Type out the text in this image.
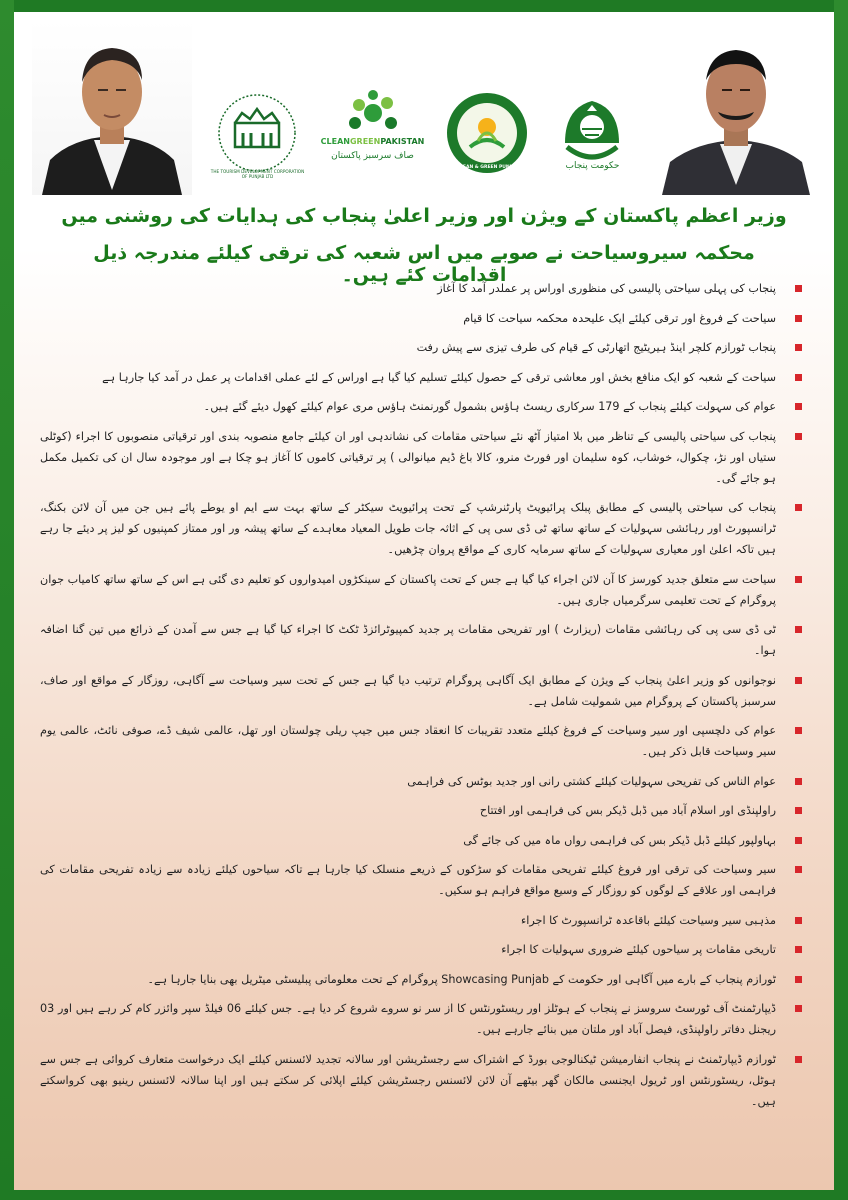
THE TOURISM DEVELOPMENT CORPORATION OF PUNJAB LTD
CLEANGREENPAKISTAN
صاف سرسبز پاکستان
CLEAN & GREEN PUNJAB	حکومت پنجاب
وزیر اعظم پاکستان کے ویژن اور وزیر اعلیٰ پنجاب کی ہدایات کی روشنی میں
محکمہ سیروسیاحت نے صوبے میں اس شعبہ کی ترقی کیلئے مندرجہ ذیل اقدامات کئے ہیں۔
پنجاب کی پہلی سیاحتی پالیسی کی منظوری اوراس پر عملدر آمد کا آغاز
سیاحت کے فروغ اور ترقی کیلئے ایک علیحدہ محکمہ سیاحت کا قیام
پنجاب ٹورازم کلچر اینڈ ہیریٹیج اتھارٹی کے قیام کی طرف تیزی سے پیش رفت
سیاحت کے شعبہ کو ایک منافع بخش اور معاشی ترقی کے حصول کیلئے تسلیم کیا گیا ہے اوراس کے لئے عملی اقدامات پر عمل در آمد کیا جارہا ہے
عوام کی سہولت کیلئے پنجاب کے 179 سرکاری ریسٹ ہاؤس بشمول گورنمنٹ ہاؤس مری عوام کیلئے کھول دیئے گئے ہیں۔
پنجاب کی سیاحتی پالیسی کے تناظر میں بلا امتیاز آٹھ نئے سیاحتی مقامات کی نشاندہی اور ان کیلئے جامع منصوبہ بندی اور ترقیاتی منصوبوں کا اجراء (کوٹلی ستیاں اور نڑ، چکوال، خوشاب، کوہ سلیمان اور فورٹ منرو، کالا باغ ڈیم میانوالی ) پر ترقیاتی کاموں کا آغاز ہو چکا ہے اور موجودہ سال ان کی تکمیل مکمل ہو جائے گی۔
پنجاب کی سیاحتی پالیسی کے مطابق پبلک پرائیویٹ پارٹنرشپ کے تحت پرائیویٹ سیکٹر کے ساتھ بہت سے ایم او یوطے پائے ہیں جن میں آن لائن بکنگ، ٹرانسپورٹ اور رہائشی سہولیات کے ساتھ ساتھ ٹی ڈی سی پی کے اثاثہ جات طویل المعیاد معاہدے کے ساتھ پیشہ ور اور ممتاز کمپنیوں کو لیز پر دیئے جا رہے ہیں تاکہ اعلیٰ اور معیاری سہولیات کے ساتھ سرمایہ کاری کے مواقع پروان چڑھیں۔
سیاحت سے متعلق جدید کورسز کا آن لائن اجراء کیا گیا ہے جس کے تحت پاکستان کے سینکڑوں امیدواروں کو تعلیم دی گئی ہے اس کے ساتھ ساتھ کامیاب جوان پروگرام کے تحت تعلیمی سرگرمیاں جاری ہیں۔
ٹی ڈی سی پی کی رہائشی مقامات (ریزارٹ ) اور تفریحی مقامات پر جدید کمپیوٹرائزڈ ٹکٹ کا اجراء کیا گیا ہے جس سے آمدن کے ذرائع میں تین گنا اضافہ ہوا۔
نوجوانوں کو وزیر اعلیٰ پنجاب کے ویژن کے مطابق ایک آگاہی پروگرام ترتیب دیا گیا ہے جس کے تحت سیر وسیاحت سے آگاہی، روزگار کے مواقع اور صاف، سرسبز پاکستان کے پروگرام میں شمولیت شامل ہے۔
عوام کی دلچسپی اور سیر وسیاحت کے فروغ کیلئے متعدد تقریبات کا انعقاد جس میں جیپ ریلی چولستان اور تھل، عالمی شیف ڈے، صوفی نائٹ، عالمی یوم سیر وسیاحت قابل ذکر ہیں۔
عوام الناس کی تفریحی سہولیات کیلئے کشتی رانی اور جدید بوٹس کی فراہمی
راولپنڈی اور اسلام آباد میں ڈبل ڈیکر بس کی فراہمی اور افتتاح
بہاولپور کیلئے ڈبل ڈیکر بس کی فراہمی رواں ماہ میں کی جائے گی
سیر وسیاحت کی ترقی اور فروغ کیلئے تفریحی مقامات کو سڑکوں کے ذریعے منسلک کیا جارہا ہے تاکہ سیاحوں کیلئے زیادہ سے زیادہ تفریحی مقامات کی فراہمی اور علاقے کے لوگوں کو روزگار کے وسیع مواقع فراہم ہو سکیں۔
مذہبی سیر وسیاحت کیلئے باقاعدہ ٹرانسپورٹ کا اجراء
تاریخی مقامات پر سیاحوں کیلئے ضروری سہولیات کا اجراء
ٹورازم پنجاب کے بارے میں آگاہی اور حکومت کے Showcasing Punjab پروگرام کے تحت معلوماتی پبلیسٹی میٹریل بھی بنایا جارہا ہے۔
ڈیپارٹمنٹ آف ٹورسٹ سروسز نے پنجاب کے ہوٹلز اور ریسٹورنٹس کا از سر نو سروے شروع کر دیا ہے۔ جس کیلئے 06 فیلڈ سپر وائزر کام کر رہے ہیں اور 03 ریجنل دفاتر راولپنڈی، فیصل آباد اور ملتان میں بنائے جارہے ہیں۔
ٹورازم ڈیپارٹمنٹ نے پنجاب انفارمیشن ٹیکنالوجی بورڈ کے اشتراک سے رجسٹریشن اور سالانہ تجدید لائسنس کیلئے ایک درخواست متعارف کروائی ہے جس سے ہوٹل، ریسٹورنٹس اور ٹریول ایجنسی مالکان گھر بیٹھے آن لائن لائسنس رجسٹریشن کیلئے اپلائی کر سکتے ہیں اور اپنا سالانہ لائسنس رینیو بھی کرواسکتے ہیں۔
